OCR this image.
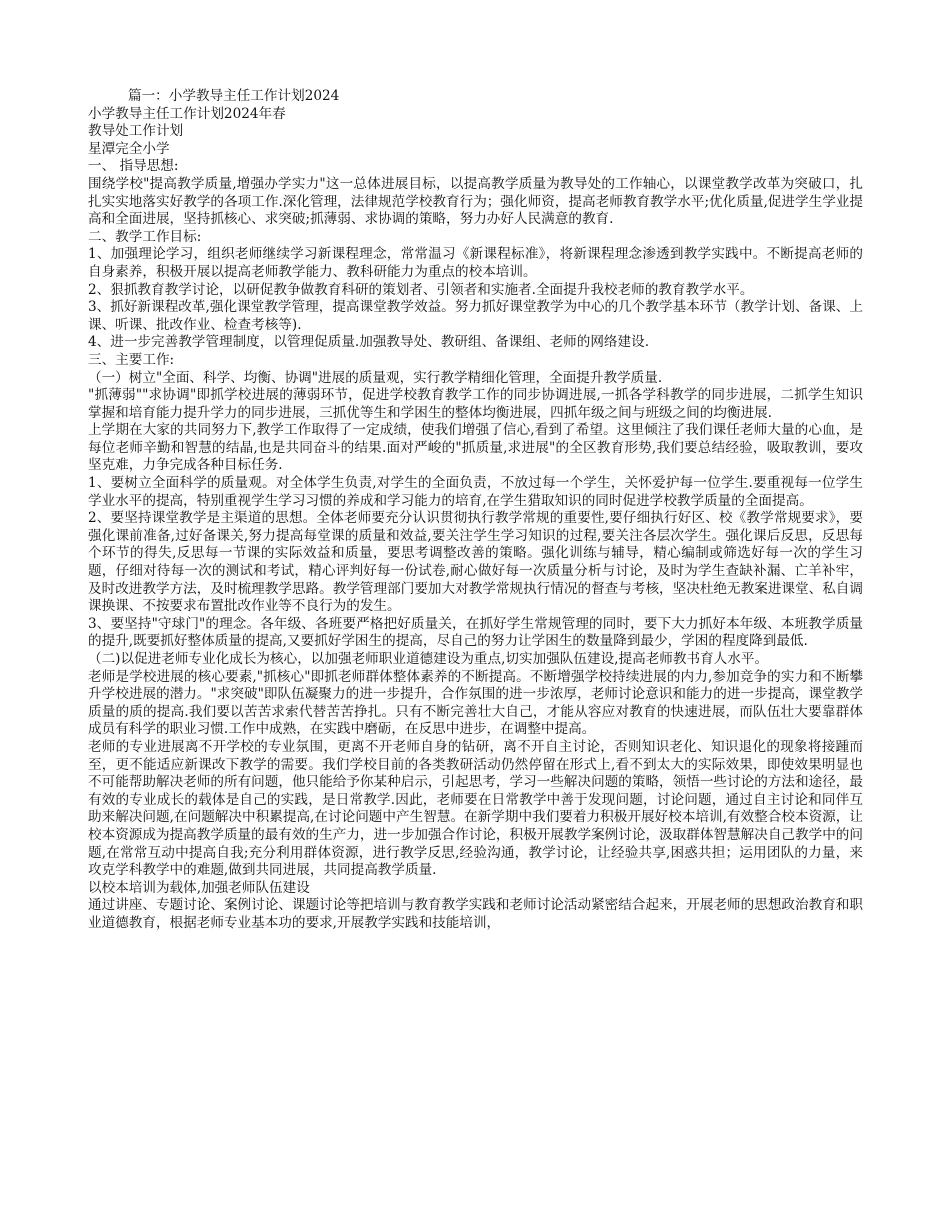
篇一：小学教导主任工作计划2024

小学教导主任工作计划2024年春

教导处工作计划

星潭完全小学

一、 指导思想:

围绕学校"提高教学质量,增强办学实力"这一总体进展目标，以提高教学质量为教导处的工作轴心，以课堂教学改革为突破口，扎扎实实地落实好教学的各项工作.深化管理，法律规范学校教育行为；强化师资，提高老师教育教学水平;优化质量,促进学生学业提高和全面进展，坚持抓核心、求突破;抓薄弱、求协调的策略，努力办好人民满意的教育.

二、教学工作目标:

1、加强理论学习，组织老师继续学习新课程理念，常常温习《新课程标准》，将新课程理念渗透到教学实践中。不断提高老师的自身素养，积极开展以提高老师教学能力、教科研能力为重点的校本培训。

2、狠抓教育教学讨论，以研促教争做教育科研的策划者、引领者和实施者.全面提升我校老师的教育教学水平。

3、抓好新课程改革,强化课堂教学管理，提高课堂教学效益。努力抓好课堂教学为中心的几个教学基本环节（教学计划、备课、上课、听课、批改作业、检查考核等).

4、进一步完善教学管理制度，以管理促质量.加强教导处、教研组、备课组、老师的网络建设.

三、主要工作:

（一）树立"全面、科学、均衡、协调"进展的质量观，实行教学精细化管理，全面提升教学质量.

"抓薄弱""求协调"即抓学校进展的薄弱环节，促进学校教育教学工作的同步协调进展,一抓各学科教学的同步进展，二抓学生知识掌握和培育能力提升学力的同步进展，三抓优等生和学困生的整体均衡进展，四抓年级之间与班级之间的均衡进展.

上学期在大家的共同努力下,教学工作取得了一定成绩，使我们增强了信心,看到了希望。这里倾注了我们课任老师大量的心血，是每位老师辛勤和智慧的结晶,也是共同奋斗的结果.面对严峻的"抓质量,求进展"的全区教育形势,我们要总结经验，吸取教训，要攻坚克难，力争完成各种目标任务.

1、要树立全面科学的质量观。对全体学生负责,对学生的全面负责，不放过每一个学生，关怀爱护每一位学生.要重视每一位学生学业水平的提高，特别重视学生学习习惯的养成和学习能力的培育,在学生猎取知识的同时促进学校教学质量的全面提高。

2、要坚持课堂教学是主渠道的思想。全体老师要充分认识贯彻执行教学常规的重要性,要仔细执行好区、校《教学常规要求》，要强化课前准备,过好备课关,努力提高每堂课的质量和效益,要关注学生学习知识的过程,要关注各层次学生。强化课后反思，反思每个环节的得失,反思每一节课的实际效益和质量，要思考调整改善的策略。强化训练与辅导，精心编制或筛选好每一次的学生习题，仔细对待每一次的测试和考试，精心评判好每一份试卷,耐心做好每一次质量分析与讨论，及时为学生查缺补漏、亡羊补牢，及时改进教学方法，及时梳理教学思路。教学管理部门要加大对教学常规执行情况的督查与考核，坚决杜绝无教案进课堂、私自调课换课、不按要求布置批改作业等不良行为的发生。

3、要坚持"守球门"的理念。各年级、各班要严格把好质量关，在抓好学生常规管理的同时，要下大力抓好本年级、本班教学质量的提升,既要抓好整体质量的提高,又要抓好学困生的提高，尽自己的努力让学困生的数量降到最少，学困的程度降到最低.

（二)以促进老师专业化成长为核心，以加强老师职业道德建设为重点,切实加强队伍建设,提高老师教书育人水平。

老师是学校进展的核心要素,"抓核心"即抓老师群体整体素养的不断提高。不断增强学校持续进展的内力,参加竞争的实力和不断攀升学校进展的潜力。"求突破"即队伍凝聚力的进一步提升，合作氛围的进一步浓厚，老师讨论意识和能力的进一步提高，课堂教学质量的质的提高.我们要以苦苦求索代替苦苦挣扎。只有不断完善壮大自己，才能从容应对教育的快速进展，而队伍壮大要靠群体成员有科学的职业习惯.工作中成熟，在实践中磨砺，在反思中进步，在调整中提高。

老师的专业进展离不开学校的专业氛围，更离不开老师自身的钻研，离不开自主讨论，否则知识老化、知识退化的现象将接踵而至，更不能适应新课改下教学的需要。我们学校目前的各类教研活动仍然停留在形式上,看不到太大的实际效果，即使效果明显也不可能帮助解决老师的所有问题，他只能给予你某种启示，引起思考，学习一些解决问题的策略，领悟一些讨论的方法和途径，最有效的专业成长的载体是自己的实践，是日常教学.因此，老师要在日常教学中善于发现问题，讨论问题，通过自主讨论和同伴互助来解决问题,在问题解决中积累提高,在讨论问题中产生智慧。在新学期中我们要着力积极开展好校本培训,有效整合校本资源，让校本资源成为提高教学质量的最有效的生产力，进一步加强合作讨论，积极开展教学案例讨论，汲取群体智慧解决自己教学中的问题,在常常互动中提高自我;充分利用群体资源，进行教学反思,经验沟通，教学讨论，让经验共享,困惑共担；运用团队的力量，来攻克学科教学中的难题,做到共同进展，共同提高教学质量.

以校本培训为载体,加强老师队伍建设

通过讲座、专题讨论、案例讨论、课题讨论等把培训与教育教学实践和老师讨论活动紧密结合起来，开展老师的思想政治教育和职业道德教育，根据老师专业基本功的要求,开展教学实践和技能培训，
